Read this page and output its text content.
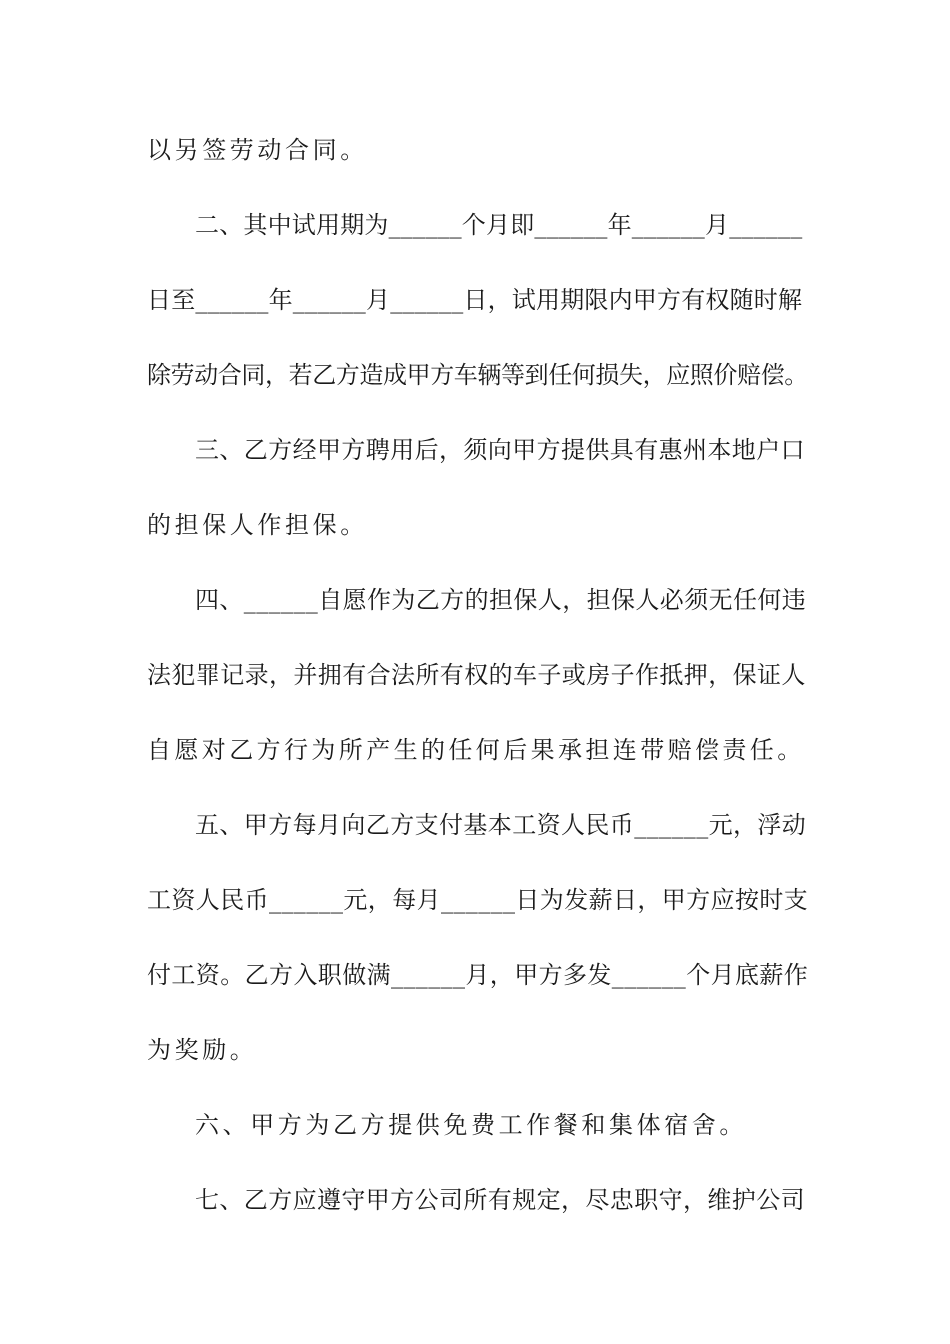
以另签劳动合同。
二、其中试用期为______个月即______年______月______
日至______年______月______日，试用期限内甲方有权随时解
除劳动合同，若乙方造成甲方车辆等到任何损失，应照价赔偿。
三、乙方经甲方聘用后，须向甲方提供具有惠州本地户口
的担保人作担保。
四、______自愿作为乙方的担保人，担保人必须无任何违
法犯罪记录，并拥有合法所有权的车子或房子作抵押，保证人
自愿对乙方行为所产生的任何后果承担连带赔偿责任。
五、甲方每月向乙方支付基本工资人民币______元，浮动
工资人民币______元，每月______日为发薪日，甲方应按时支
付工资。乙方入职做满______月，甲方多发______个月底薪作
为奖励。
六、甲方为乙方提供免费工作餐和集体宿舍。
七、乙方应遵守甲方公司所有规定，尽忠职守，维护公司
